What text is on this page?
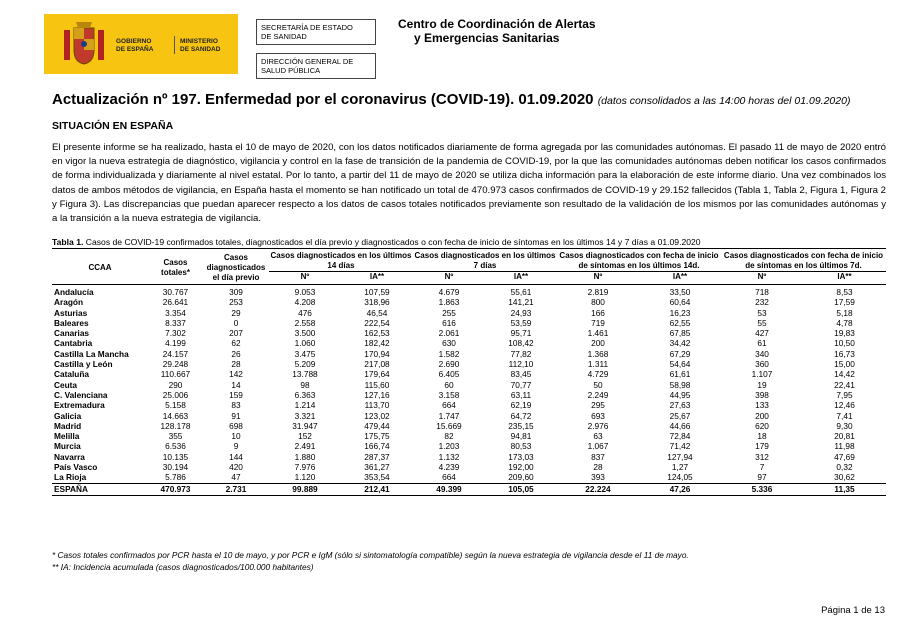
GOBIERNO
DE ESPAÑA
MINISTERIO
DE SANIDAD
SECRETARÍA DE ESTADO
DE SANIDAD
DIRECCIÓN GENERAL DE
SALUD PÚBLICA
Centro de Coordinación de Alertas
y Emergencias Sanitarias
Actualización nº 197. Enfermedad por el coronavirus (COVID-19). 01.09.2020 (datos consolidados a las 14:00 horas del 01.09.2020)
SITUACIÓN EN ESPAÑA
El presente informe se ha realizado, hasta el 10 de mayo de 2020, con los datos notificados diariamente de forma agregada por las comunidades autónomas. El pasado 11 de mayo de 2020 entró en vigor la nueva estrategia de diagnóstico, vigilancia y control en la fase de transición de la pandemia de COVID-19, por la que las comunidades autónomas deben notificar los casos confirmados de forma individualizada y diariamente al nivel estatal. Por lo tanto, a partir del 11 de mayo de 2020 se utiliza dicha información para la elaboración de este informe diario. Una vez combinados los datos de ambos métodos de vigilancia, en España hasta el momento se han notificado un total de 470.973 casos confirmados de COVID-19 y 29.152 fallecidos (Tabla 1, Tabla 2, Figura 1, Figura 2 y Figura 3). Las discrepancias que puedan aparecer respecto a los datos de casos totales notificados previamente son resultado de la validación de los mismos por las comunidades autónomas y a la transición a la nueva estrategia de vigilancia.
Tabla 1. Casos de COVID-19 confirmados totales, diagnosticados el día previo y diagnosticados o con fecha de inicio de síntomas en los últimos 14 y 7 días a 01.09.2020
CCAA	Casos totales*	Casos diagnosticados el día previo	Casos diagnosticados en los últimos 14 días		Casos diagnosticados en los últimos 7 días		Casos diagnosticados con fecha de inicio de síntomas en los últimos 14d.		Casos diagnosticados con fecha de inicio de síntomas en los últimos 7d.	
			Nº	IA**	Nº	IA**	Nº	IA**	Nº	IA**
Andalucía	30.767	309	9.053	107,59	4.679	55,61	2.819	33,50	718	8,53
Aragón	26.641	253	4.208	318,96	1.863	141,21	800	60,64	232	17,59
Asturias	3.354	29	476	46,54	255	24,93	166	16,23	53	5,18
Baleares	8.337	0	2.558	222,54	616	53,59	719	62,55	55	4,78
Canarias	7.302	207	3.500	162,53	2.061	95,71	1.461	67,85	427	19,83
Cantabria	4.199	62	1.060	182,42	630	108,42	200	34,42	61	10,50
Castilla La Mancha	24.157	26	3.475	170,94	1.582	77,82	1.368	67,29	340	16,73
Castilla y León	29.248	28	5.209	217,08	2.690	112,10	1.311	54,64	360	15,00
Cataluña	110.667	142	13.788	179,64	6.405	83,45	4.729	61,61	1.107	14,42
Ceuta	290	14	98	115,60	60	70,77	50	58,98	19	22,41
C. Valenciana	25.006	159	6.363	127,16	3.158	63,11	2.249	44,95	398	7,95
Extremadura	5.158	83	1.214	113,70	664	62,19	295	27,63	133	12,46
Galicia	14.663	91	3.321	123,02	1.747	64,72	693	25,67	200	7,41
Madrid	128.178	698	31.947	479,44	15.669	235,15	2.976	44,66	620	9,30
Melilla	355	10	152	175,75	82	94,81	63	72,84	18	20,81
Murcia	6.536	9	2.491	166,74	1.203	80,53	1.067	71,42	179	11,98
Navarra	10.135	144	1.880	287,37	1.132	173,03	837	127,94	312	47,69
País Vasco	30.194	420	7.976	361,27	4.239	192,00	28	1,27	7	0,32
La Rioja	5.786	47	1.120	353,54	664	209,60	393	124,05	97	30,62
ESPAÑA	470.973	2.731	99.889	212,41	49.399	105,05	22.224	47,26	5.336	11,35
* Casos totales confirmados por PCR hasta el 10 de mayo, y por PCR e IgM (sólo si sintomatología compatible) según la nueva estrategia de vigilancia desde el 11 de mayo.
** IA: Incidencia acumulada (casos diagnosticados/100.000 habitantes)
Página 1 de 13
